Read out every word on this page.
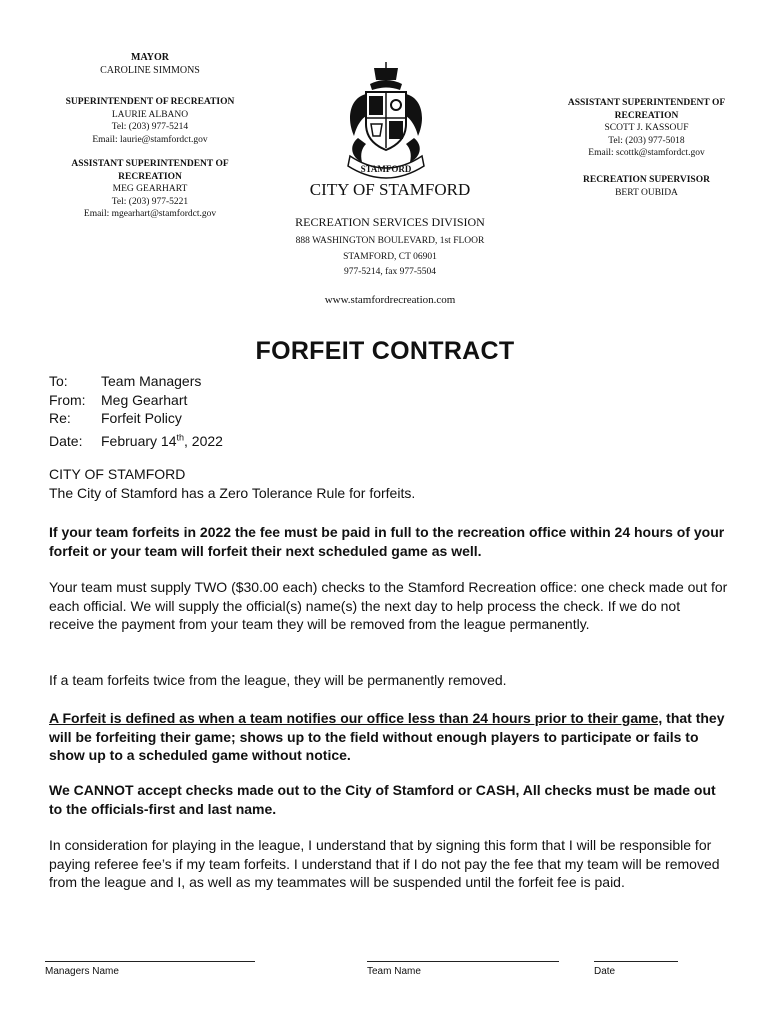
MAYOR
CAROLINE SIMMONS
SUPERINTENDENT OF RECREATION
LAURIE ALBANO
Tel: (203) 977-5214
Email: laurie@stamfordct.gov
ASSISTANT SUPERINTENDENT OF RECREATION
MEG GEARHART
Tel: (203) 977-5221
Email: mgearhart@stamfordct.gov
ASSISTANT SUPERINTENDENT OF RECREATION
SCOTT J. KASSOUF
Tel: (203) 977-5018
Email: scottk@stamfordct.gov
RECREATION SUPERVISOR
BERT OUBIDA
STAMFORD
CITY OF STAMFORD
RECREATION SERVICES DIVISION
888 WASHINGTON BOULEVARD, 1st FLOOR
STAMFORD, CT 06901
977-5214, fax 977-5504
www.stamfordrecreation.com
FORFEIT CONTRACT
To: Team Managers
From: Meg Gearhart
Re: Forfeit Policy
Date: February 14th, 2022
CITY OF STAMFORD
The City of Stamford has a Zero Tolerance Rule for forfeits.
If your team forfeits in 2022 the fee must be paid in full to the recreation office within 24 hours of your forfeit or your team will forfeit their next scheduled game as well.
Your team must supply TWO ($30.00 each) checks to the Stamford Recreation office: one check made out for each official. We will supply the official(s) name(s) the next day to help process the check. If we do not receive the payment from your team they will be removed from the league permanently.
If a team forfeits twice from the league, they will be permanently removed.
A Forfeit is defined as when a team notifies our office less than 24 hours prior to their game, that they will be forfeiting their game; shows up to the field without enough players to participate or fails to show up to a scheduled game without notice.
We CANNOT accept checks made out to the City of Stamford or CASH, All checks must be made out to the officials-first and last name.
In consideration for playing in the league, I understand that by signing this form that I will be responsible for paying referee fee’s if my team forfeits. I understand that if I do not pay the fee that my team will be removed from the league and I, as well as my teammates will be suspended until the forfeit fee is paid.
Managers Name	Team Name	Date
